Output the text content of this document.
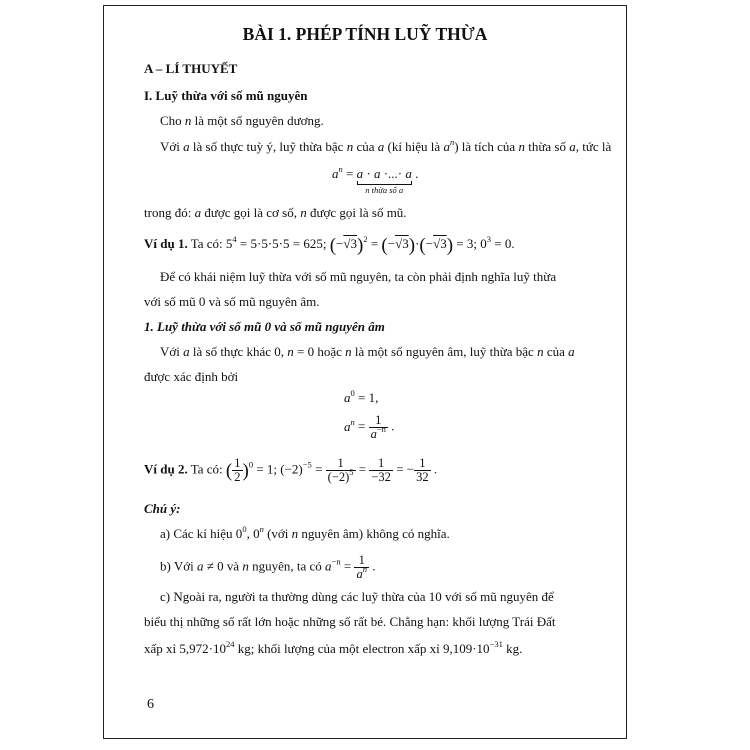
BÀI 1. PHÉP TÍNH LUỸ THỪA
A – LÍ THUYẾT
I. Luỹ thừa với số mũ nguyên
Cho n là một số nguyên dương.
Với a là số thực tuỳ ý, luỹ thừa bậc n của a (kí hiệu là $a^n$) là tích của n thừa số a, tức là
$a^n = a \cdot a$ ·...· a
n thừa số a
.
trong đó: a được gọi là cơ số, n được gọi là số mũ.
Ví dụ 1. Ta có: $5^4 = 5\cdot 5\cdot 5\cdot 5 = 625$; $(-√3)^2 = (-√3)\cdot(-√3) = 3$; $0^3 = 0$.
Để có khái niệm luỹ thừa với số mũ nguyên, ta còn phải định nghĩa luỹ thừa
với số mũ 0 và số mũ nguyên âm.
1. Luỹ thừa với số mũ 0 và số mũ nguyên âm
Với a là số thực khác 0, n = 0 hoặc n là một số nguyên âm, luỹ thừa bậc n của a
được xác định bởi
$a^0 = 1$,
$a^n = \frac{1}{a^{-n}}$ .
Ví dụ 2. Ta có: ( $\frac{1}{2} )^0 = 1$; $(-2)^{-5} = \frac{1}{(-2)^5} = \frac{1}{-32}$ = − $\frac{1}{32}$ .
Chú ý:
a) Các kí hiệu $0^0$, 0$^n$ (với n nguyên âm) không có nghĩa.
b) Với a ≠ 0 và n nguyên, ta có $a^{-n} = \frac{1}{a^n}$ .
c) Ngoài ra, người ta thường dùng các luỹ thừa của 10 với số mũ nguyên để
biểu thị những số rất lớn hoặc những số rất bé. Chẳng hạn: khối lượng Trái Đất
xấp xỉ $5,972\cdot 10^{24}$ kg; khối lượng của một electron xấp xỉ $9,109\cdot 10^{-31}$ kg.
6
